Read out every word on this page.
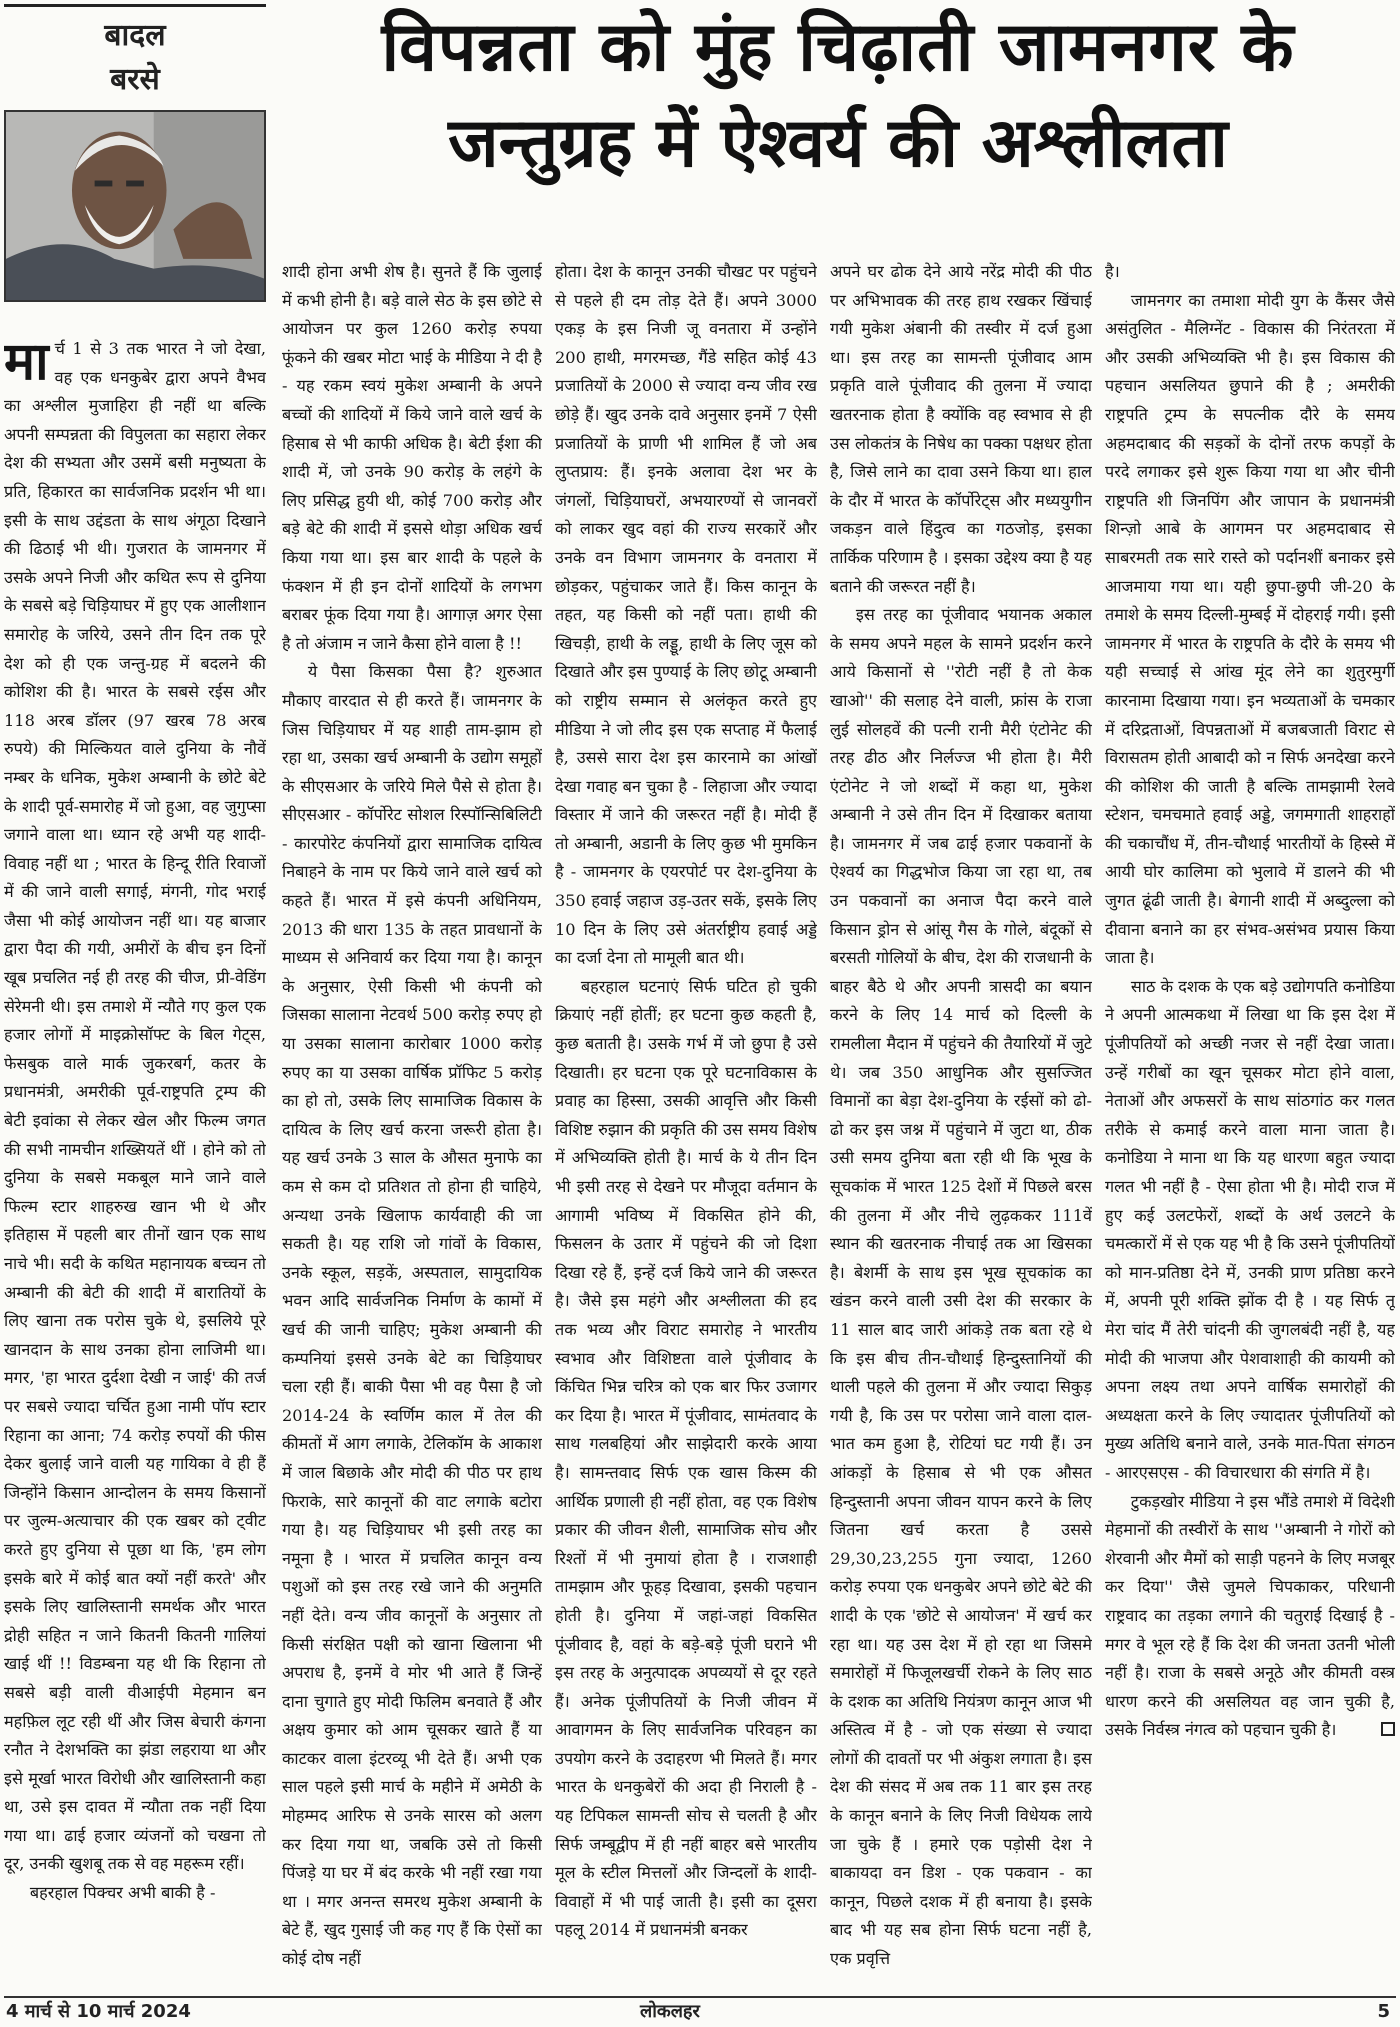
बादल
बरसे	विपन्नता को मुंह चिढ़ाती जामनगर के
जन्तुग्रह में ऐश्वर्य की अश्लीलता

मार्च 1 से 3 तक भारत ने जो देखा, वह एक धनकुबेर द्वारा अपने वैभव का अश्लील मुजाहिरा ही नहीं था बल्कि अपनी सम्पन्नता की विपुलता का सहारा लेकर देश की सभ्यता और उसमें बसी मनुष्यता के प्रति, हिकारत का सार्वजनिक प्रदर्शन भी था। इसी के साथ उद्दंडता के साथ अंगूठा दिखाने की ढिठाई भी थी। गुजरात के जामनगर में उसके अपने निजी और कथित रूप से दुनिया के सबसे बड़े चिड़ियाघर में हुए एक आलीशान समारोह के जरिये, उसने तीन दिन तक पूरे देश को ही एक जन्तु-ग्रह में बदलने की कोशिश की है। भारत के सबसे रईस और 118 अरब डॉलर (97 खरब 78 अरब रुपये) की मिल्कियत वाले दुनिया के नौवें नम्बर के धनिक, मुकेश अम्बानी के छोटे बेटे के शादी पूर्व-समारोह में जो हुआ, वह जुगुप्सा जगाने वाला था। ध्यान रहे अभी यह शादी-विवाह नहीं था ; भारत के हिन्दू रीति रिवाजों में की जाने वाली सगाई, मंगनी, गोद भराई जैसा भी कोई आयोजन नहीं था। यह बाजार द्वारा पैदा की गयी, अमीरों के बीच इन दिनों खूब प्रचलित नई ही तरह की चीज, प्री-वेडिंग सेरेमनी थी। इस तमाशे में न्यौते गए कुल एक हजार लोगों में माइक्रोसॉफ्ट के बिल गेट्स, फेसबुक वाले मार्क जुकरबर्ग, कतर के प्रधानमंत्री, अमरीकी पूर्व-राष्ट्रपति ट्रम्प की बेटी इवांका से लेकर खेल और फिल्म जगत की सभी नामचीन शख्सियतें थीं । होने को तो दुनिया के सबसे मकबूल माने जाने वाले फिल्म स्टार शाहरुख खान भी थे और इतिहास में पहली बार तीनों खान एक साथ नाचे भी। सदी के कथित महानायक बच्चन तो अम्बानी की बेटी की शादी में बारातियों के लिए खाना तक परोस चुके थे, इसलिये पूरे खानदान के साथ उनका होना लाजिमी था। मगर, 'हा भारत दुर्दशा देखी न जाई' की तर्ज पर सबसे ज्यादा चर्चित हुआ नामी पॉप स्टार रिहाना का आना; 74 करोड़ रुपयों की फीस देकर बुलाई जाने वाली यह गायिका वे ही हैं जिन्होंने किसान आन्दोलन के समय किसानों पर जुल्म-अत्याचार की एक खबर को ट्वीट करते हुए दुनिया से पूछा था कि, 'हम लोग इसके बारे में कोई बात क्यों नहीं करते' और इसके लिए खालिस्तानी समर्थक और भारत द्रोही सहित न जाने कितनी कितनी गालियां खाई थीं !! विडम्बना यह थी कि रिहाना तो सबसे बड़ी वाली वीआईपी मेहमान बन महफ़िल लूट रही थीं और जिस बेचारी कंगना रनौत ने देशभक्ति का झंडा लहराया था और इसे मूर्खा भारत विरोधी और खालिस्तानी कहा था, उसे इस दावत में न्यौता तक नहीं दिया गया था। ढाई हजार व्यंजनों को चखना तो दूर, उनकी खुशबू तक से वह महरूम रहीं।

बहरहाल पिक्चर अभी बाकी है -

शादी होना अभी शेष है। सुनते हैं कि जुलाई में कभी होनी है। बड़े वाले सेठ के इस छोटे से आयोजन पर कुल 1260 करोड़ रुपया फूंकने की खबर मोटा भाई के मीडिया ने दी है - यह रकम स्वयं मुकेश अम्बानी के अपने बच्चों की शादियों में किये जाने वाले खर्च के हिसाब से भी काफी अधिक है। बेटी ईशा की शादी में, जो उनके 90 करोड़ के लहंगे के लिए प्रसिद्ध हुयी थी, कोई 700 करोड़ और बड़े बेटे की शादी में इससे थोड़ा अधिक खर्च किया गया था। इस बार शादी के पहले के फंक्शन में ही इन दोनों शादियों के लगभग बराबर फूंक दिया गया है। आगाज़ अगर ऐसा है तो अंजाम न जाने कैसा होने वाला है !!

ये पैसा किसका पैसा है? शुरुआत मौकाए वारदात से ही करते हैं। जामनगर के जिस चिड़ियाघर में यह शाही ताम-झाम हो रहा था, उसका खर्च अम्बानी के उद्योग समूहों के सीएसआर के जरिये मिले पैसे से होता है। सीएसआर - कॉर्पोरेट सोशल रिस्पॉन्सिबिलिटी - कारपोरेट कंपनियों द्वारा सामाजिक दायित्व निबाहने के नाम पर किये जाने वाले खर्च को कहते हैं। भारत में इसे कंपनी अधिनियम, 2013 की धारा 135 के तहत प्रावधानों के माध्यम से अनिवार्य कर दिया गया है। कानून के अनुसार, ऐसी किसी भी कंपनी को जिसका सालाना नेटवर्थ 500 करोड़ रुपए हो या उसका सालाना कारोबार 1000 करोड़ रुपए का या उसका वार्षिक प्रॉफिट 5 करोड़ का हो तो, उसके लिए सामाजिक विकास के दायित्व के लिए खर्च करना जरूरी होता है। यह खर्च उनके 3 साल के औसत मुनाफे का कम से कम दो प्रतिशत तो होना ही चाहिये, अन्यथा उनके खिलाफ कार्यवाही की जा सकती है। यह राशि जो गांवों के विकास, उनके स्कूल, सड़कें, अस्पताल, सामुदायिक भवन आदि सार्वजनिक निर्माण के कामों में खर्च की जानी चाहिए; मुकेश अम्बानी की कम्पनियां इससे उनके बेटे का चिड़ियाघर चला रही हैं। बाकी पैसा भी वह पैसा है जो 2014-24 के स्वर्णिम काल में तेल की कीमतों में आग लगाके, टेलिकॉम के आकाश में जाल बिछाके और मोदी की पीठ पर हाथ फिराके, सारे कानूनों की वाट लगाके बटोरा गया है। यह चिड़ियाघर भी इसी तरह का नमूना है । भारत में प्रचलित कानून वन्य पशुओं को इस तरह रखे जाने की अनुमति नहीं देते। वन्य जीव कानूनों के अनुसार तो किसी संरक्षित पक्षी को खाना खिलाना भी अपराध है, इनमें वे मोर भी आते हैं जिन्हें दाना चुगाते हुए मोदी फिलिम बनवाते हैं और अक्षय कुमार को आम चूसकर खाते हैं या काटकर वाला इंटरव्यू भी देते हैं। अभी एक साल पहले इसी मार्च के महीने में अमेठी के मोहम्मद आरिफ से उनके सारस को अलग कर दिया गया था, जबकि उसे तो किसी पिंजड़े या घर में बंद करके भी नहीं रखा गया था । मगर अनन्त समरथ मुकेश अम्बानी के बेटे हैं, खुद गुसाई जी कह गए हैं कि ऐसों का कोई दोष नहीं

होता। देश के कानून उनकी चौखट पर पहुंचने से पहले ही दम तोड़ देते हैं। अपने 3000 एकड़ के इस निजी जू वनतारा में उन्होंने 200 हाथी, मगरमच्छ, गैंडे सहित कोई 43 प्रजातियों के 2000 से ज्यादा वन्य जीव रख छोड़े हैं। खुद उनके दावे अनुसार इनमें 7 ऐसी प्रजातियों के प्राणी भी शामिल हैं जो अब लुप्तप्राय: हैं। इनके अलावा देश भर के जंगलों, चिड़ियाघरों, अभयारण्यों से जानवरों को लाकर खुद वहां की राज्य सरकारें और उनके वन विभाग जामनगर के वनतारा में छोड़कर, पहुंचाकर जाते हैं। किस कानून के तहत, यह किसी को नहीं पता। हाथी की खिचड़ी, हाथी के लड्डू, हाथी के लिए जूस को दिखाते और इस पुण्याई के लिए छोटू अम्बानी को राष्ट्रीय सम्मान से अलंकृत करते हुए मीडिया ने जो लीद इस एक सप्ताह में फैलाई है, उससे सारा देश इस कारनामे का आंखों देखा गवाह बन चुका है - लिहाजा और ज्यादा विस्तार में जाने की जरूरत नहीं है। मोदी हैं तो अम्बानी, अडानी के लिए कुछ भी मुमकिन है - जामनगर के एयरपोर्ट पर देश-दुनिया के 350 हवाई जहाज उड़-उतर सकें, इसके लिए 10 दिन के लिए उसे अंतर्राष्ट्रीय हवाई अड्डे का दर्जा देना तो मामूली बात थी।

बहरहाल घटनाएं सिर्फ घटित हो चुकी क्रियाएं नहीं होतीं; हर घटना कुछ कहती है, कुछ बताती है। उसके गर्भ में जो छुपा है उसे दिखाती। हर घटना एक पूरे घटनाविकास के प्रवाह का हिस्सा, उसकी आवृत्ति और किसी विशिष्ट रुझान की प्रकृति की उस समय विशेष में अभिव्यक्ति होती है। मार्च के ये तीन दिन भी इसी तरह से देखने पर मौजूदा वर्तमान के आगामी भविष्य में विकसित होने की, फिसलन के उतार में पहुंचने की जो दिशा दिखा रहे हैं, इन्हें दर्ज किये जाने की जरूरत है। जैसे इस महंगे और अश्लीलता की हद तक भव्य और विराट समारोह ने भारतीय स्वभाव और विशिष्टता वाले पूंजीवाद के किंचित भिन्न चरित्र को एक बार फिर उजागर कर दिया है। भारत में पूंजीवाद, सामंतवाद के साथ गलबहियां और साझेदारी करके आया है। सामन्तवाद सिर्फ एक खास किस्म की आर्थिक प्रणाली ही नहीं होता, वह एक विशेष प्रकार की जीवन शैली, सामाजिक सोच और रिश्तों में भी नुमायां होता है । राजशाही ताम‍झाम और फूहड़ दिखावा, इसकी पहचान होती है। दुनिया में जहां-जहां विकसित पूंजीवाद है, वहां के बड़े-बड़े पूंजी घराने भी इस तरह के अनुत्पादक अपव्ययों से दूर रहते हैं। अनेक पूंजीपतियों के निजी जीवन में आवागमन के लिए सार्वजनिक परिवहन का उपयोग करने के उदाहरण भी मिलते हैं। मगर भारत के धनकुबेरों की अदा ही निराली है - यह टिपिकल सामन्ती सोच से चलती है और सिर्फ जम्बूद्वीप में ही नहीं बाहर बसे भारतीय मूल के स्टील मित्तलों और जिन्दलों के शादी-विवाहों में भी पाई जाती है। इसी का दूसरा पहलू 2014 में प्रधानमंत्री बनकर

अपने घर ढोक देने आये नरेंद्र मोदी की पीठ पर अभिभावक की तरह हाथ रखकर खिंचाई गयी मुकेश अंबानी की तस्वीर में दर्ज हुआ था। इस तरह का सामन्ती पूंजीवाद आम प्रकृति वाले पूंजीवाद की तुलना में ज्यादा खतरनाक होता है क्योंकि वह स्वभाव से ही उस लोकतंत्र के निषेध का पक्का पक्षधर होता है, जिसे लाने का दावा उसने किया था। हाल के दौर में भारत के कॉर्पोरेट्स और मध्ययुगीन जकड़न वाले हिंदुत्व का गठजोड़, इसका तार्किक परिणाम है । इसका उद्देश्य क्या है यह बताने की जरूरत नहीं है।

इस तरह का पूंजीवाद भयानक अकाल के समय अपने महल के सामने प्रदर्शन करने आये किसानों से ''रोटी नहीं है तो केक खाओ'' की सलाह देने वाली, फ्रांस के राजा लुई सोलहवें की पत्नी रानी मैरी एंटोनेट की तरह ढीठ और निर्लज्ज भी होता है। मैरी एंटोनेट ने जो शब्दों में कहा था, मुकेश अम्बानी ने उसे तीन दिन में दिखाकर बताया है। जामनगर में जब ढाई हजार पकवानों के ऐश्वर्य का गिद्धभोज किया जा रहा था, तब उन पकवानों का अनाज पैदा करने वाले किसान ड्रोन से आंसू गैस के गोले, बंदूकों से बरसती गोलियों के बीच, देश की राजधानी के बाहर बैठे थे और अपनी त्रासदी का बयान करने के लिए 14 मार्च को दिल्ली के रामलीला मैदान में पहुंचने की तैयारियों में जुटे थे। जब 350 आधुनिक और सुसज्जित विमानों का बेड़ा देश-दुनिया के रईसों को ढो-ढो कर इस जश्न में पहुंचाने में जुटा था, ठीक उसी समय दुनिया बता रही थी कि भूख के सूचकांक में भारत 125 देशों में पिछले बरस की तुलना में और नीचे लुढ़ककर 111वें स्थान की खतरनाक नीचाई तक आ खिसका है। बेशर्मी के साथ इस भूख सूचकांक का खंडन करने वाली उसी देश की सरकार के 11 साल बाद जारी आंकड़े तक बता रहे थे कि इस बीच तीन-चौथाई हिन्दुस्तानियों की थाली पहले की तुलना में और ज्यादा सिकुड़ गयी है, कि उस पर परोसा जाने वाला दाल-भात कम हुआ है, रोटियां घट गयी हैं। उन आंकड़ों के हिसाब से भी एक औसत हिन्दुस्तानी अपना जीवन यापन करने के लिए जितना खर्च करता है उससे 29,30,23,255 गुना ज्यादा, 1260 करोड़ रुपया एक धनकुबेर अपने छोटे बेटे की शादी के एक 'छोटे से आयोजन' में खर्च कर रहा था। यह उस देश में हो रहा था जिसमे समारोहों में फिजूलखर्ची रोकने के लिए साठ के दशक का अतिथि नियंत्रण कानून आज भी अस्तित्व में है - जो एक संख्या से ज्यादा लोगों की दावतों पर भी अंकुश लगाता है। इस देश की संसद में अब तक 11 बार इस तरह के कानून बनाने के लिए निजी विधेयक लाये जा चुके हैं । हमारे एक पड़ोसी देश ने बाकायदा वन डिश - एक पकवान - का कानून, पिछले दशक में ही बनाया है। इसके बाद भी यह सब होना सिर्फ घटना नहीं है, एक प्रवृत्ति

है।

जामनगर का तमाशा मोदी युग के कैंसर जैसे असंतुलित - मैलिग्नेंट - विकास की निरंतरता में और उसकी अभिव्यक्ति भी है। इस विकास की पहचान असलियत छुपाने की है ; अमरीकी राष्ट्रपति ट्रम्प के सपत्नीक दौरे के समय अहमदाबाद की सड़कों के दोनों तरफ कपड़ों के परदे लगाकर इसे शुरू किया गया था और चीनी राष्ट्रपति शी जिनपिंग और जापान के प्रधानमंत्री शिन्ज़ो आबे के आगमन पर अहमदाबाद से साबरमती तक सारे रास्ते को पर्दानशीं बनाकर इसे आजमाया गया था। यही छुपा-छुपी जी-20 के तमाशे के समय दिल्ली-मुम्बई में दोहराई गयी। इसी जामनगर में भारत के राष्ट्रपति के दौरे के समय भी यही सच्चाई से आंख मूंद लेने का शुतुरमुर्गी कारनामा दिखाया गया। इन भव्यताओं के चमकार में दरिद्रताओं, विपन्नताओं में बजबजाती विराट से विरासतम होती आबादी को न सिर्फ अनदेखा करने की कोशिश की जाती है बल्कि तामझामी रेलवे स्टेशन, चमचमाते हवाई अड्डे, जगमगाती शाहराहों की चकाचौंध में, तीन-चौथाई भारतीयों के हिस्से में आयी घोर कालिमा को भुलावे में डालने की भी जुगत ढूंढी जाती है। बेगानी शादी में अब्दुल्ला को दीवाना बनाने का हर संभव-असंभव प्रयास किया जाता है।

साठ के दशक के एक बड़े उद्योगपति कनोडिया ने अपनी आत्मकथा में लिखा था कि इस देश में पूंजीपतियों को अच्छी नजर से नहीं देखा जाता। उन्हें गरीबों का खून चूसकर मोटा होने वाला, नेताओं और अफसरों के साथ सांठगांठ कर गलत तरीके से कमाई करने वाला माना जाता है। कनोडिया ने माना था कि यह धारणा बहुत ज्यादा गलत भी नहीं है - ऐसा होता भी है। मोदी राज में हुए कई उलटफेरों, शब्दों के अर्थ उलटने के चमत्कारों में से एक यह भी है कि उसने पूंजीपतियों को मान-प्रतिष्ठा देने में, उनकी प्राण प्रतिष्ठा करने में, अपनी पूरी शक्ति झोंक दी है । यह सिर्फ तू मेरा चांद मैं तेरी चांदनी की जुगलबंदी नहीं है, यह मोदी की भाजपा और पेशवाशाही की कायमी को अपना लक्ष्य तथा अपने वार्षिक समारोहों की अध्यक्षता करने के लिए ज्यादातर पूंजीपतियों को मुख्य अतिथि बनाने वाले, उनके मात-पिता संगठन - आरएसएस - की विचारधारा की संगति में है।

टुकड़खोर मीडिया ने इस भौंडे तमाशे में विदेशी मेहमानों की तस्वीरों के साथ ''अम्बानी ने गोरों को शेरवानी और मैमों को साड़ी पहनने के लिए मजबूर कर दिया'' जैसे जुमले चिपकाकर, परिधानी राष्ट्रवाद का तड़का लगाने की चतुराई दिखाई है - मगर वे भूल रहे हैं कि देश की जनता उतनी भोली नहीं है। राजा के सबसे अनूठे और कीमती वस्त्र धारण करने की असलियत वह जान चुकी है, उसके निर्वस्त्र नंगत्व को पहचान चुकी है।

4 मार्च से 10 मार्च 2024	लोकलहर	5
